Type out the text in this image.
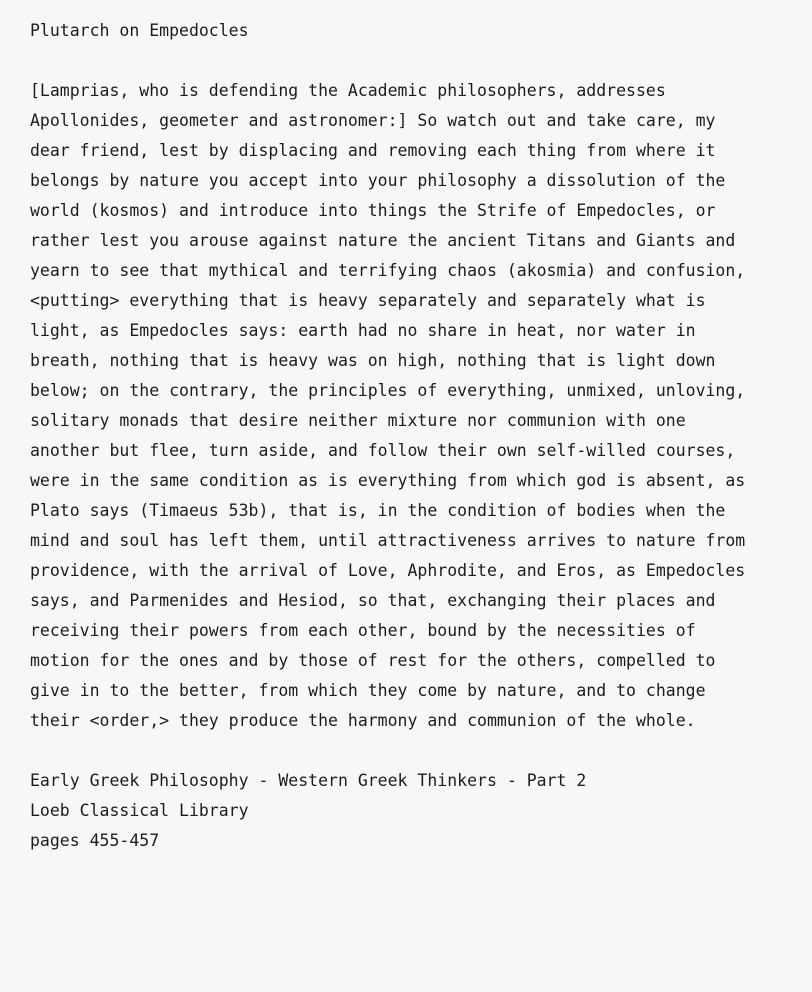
Plutarch on Empedocles

[Lamprias, who is defending the Academic philosophers, addresses

Apollonides, geometer and astronomer:] So watch out and take care, my

dear friend, lest by displacing and removing each thing from where it

belongs by nature you accept into your philosophy a dissolution of the

world (kosmos) and introduce into things the Strife of Empedocles, or

rather lest you arouse against nature the ancient Titans and Giants and

yearn to see that mythical and terrifying chaos (akosmia) and confusion,

<putting> everything that is heavy separately and separately what is

light, as Empedocles says: earth had no share in heat, nor water in

breath, nothing that is heavy was on high, nothing that is light down

below; on the contrary, the principles of everything, unmixed, unloving,

solitary monads that desire neither mixture nor communion with one

another but flee, turn aside, and follow their own self-willed courses,

were in the same condition as is everything from which god is absent, as

Plato says (Timaeus 53b), that is, in the condition of bodies when the

mind and soul has left them, until attractiveness arrives to nature from

providence, with the arrival of Love, Aphrodite, and Eros, as Empedocles

says, and Parmenides and Hesiod, so that, exchanging their places and

receiving their powers from each other, bound by the necessities of

motion for the ones and by those of rest for the others, compelled to

give in to the better, from which they come by nature, and to change

their <order,> they produce the harmony and communion of the whole.

Early Greek Philosophy - Western Greek Thinkers - Part 2

Loeb Classical Library

pages 455-457
